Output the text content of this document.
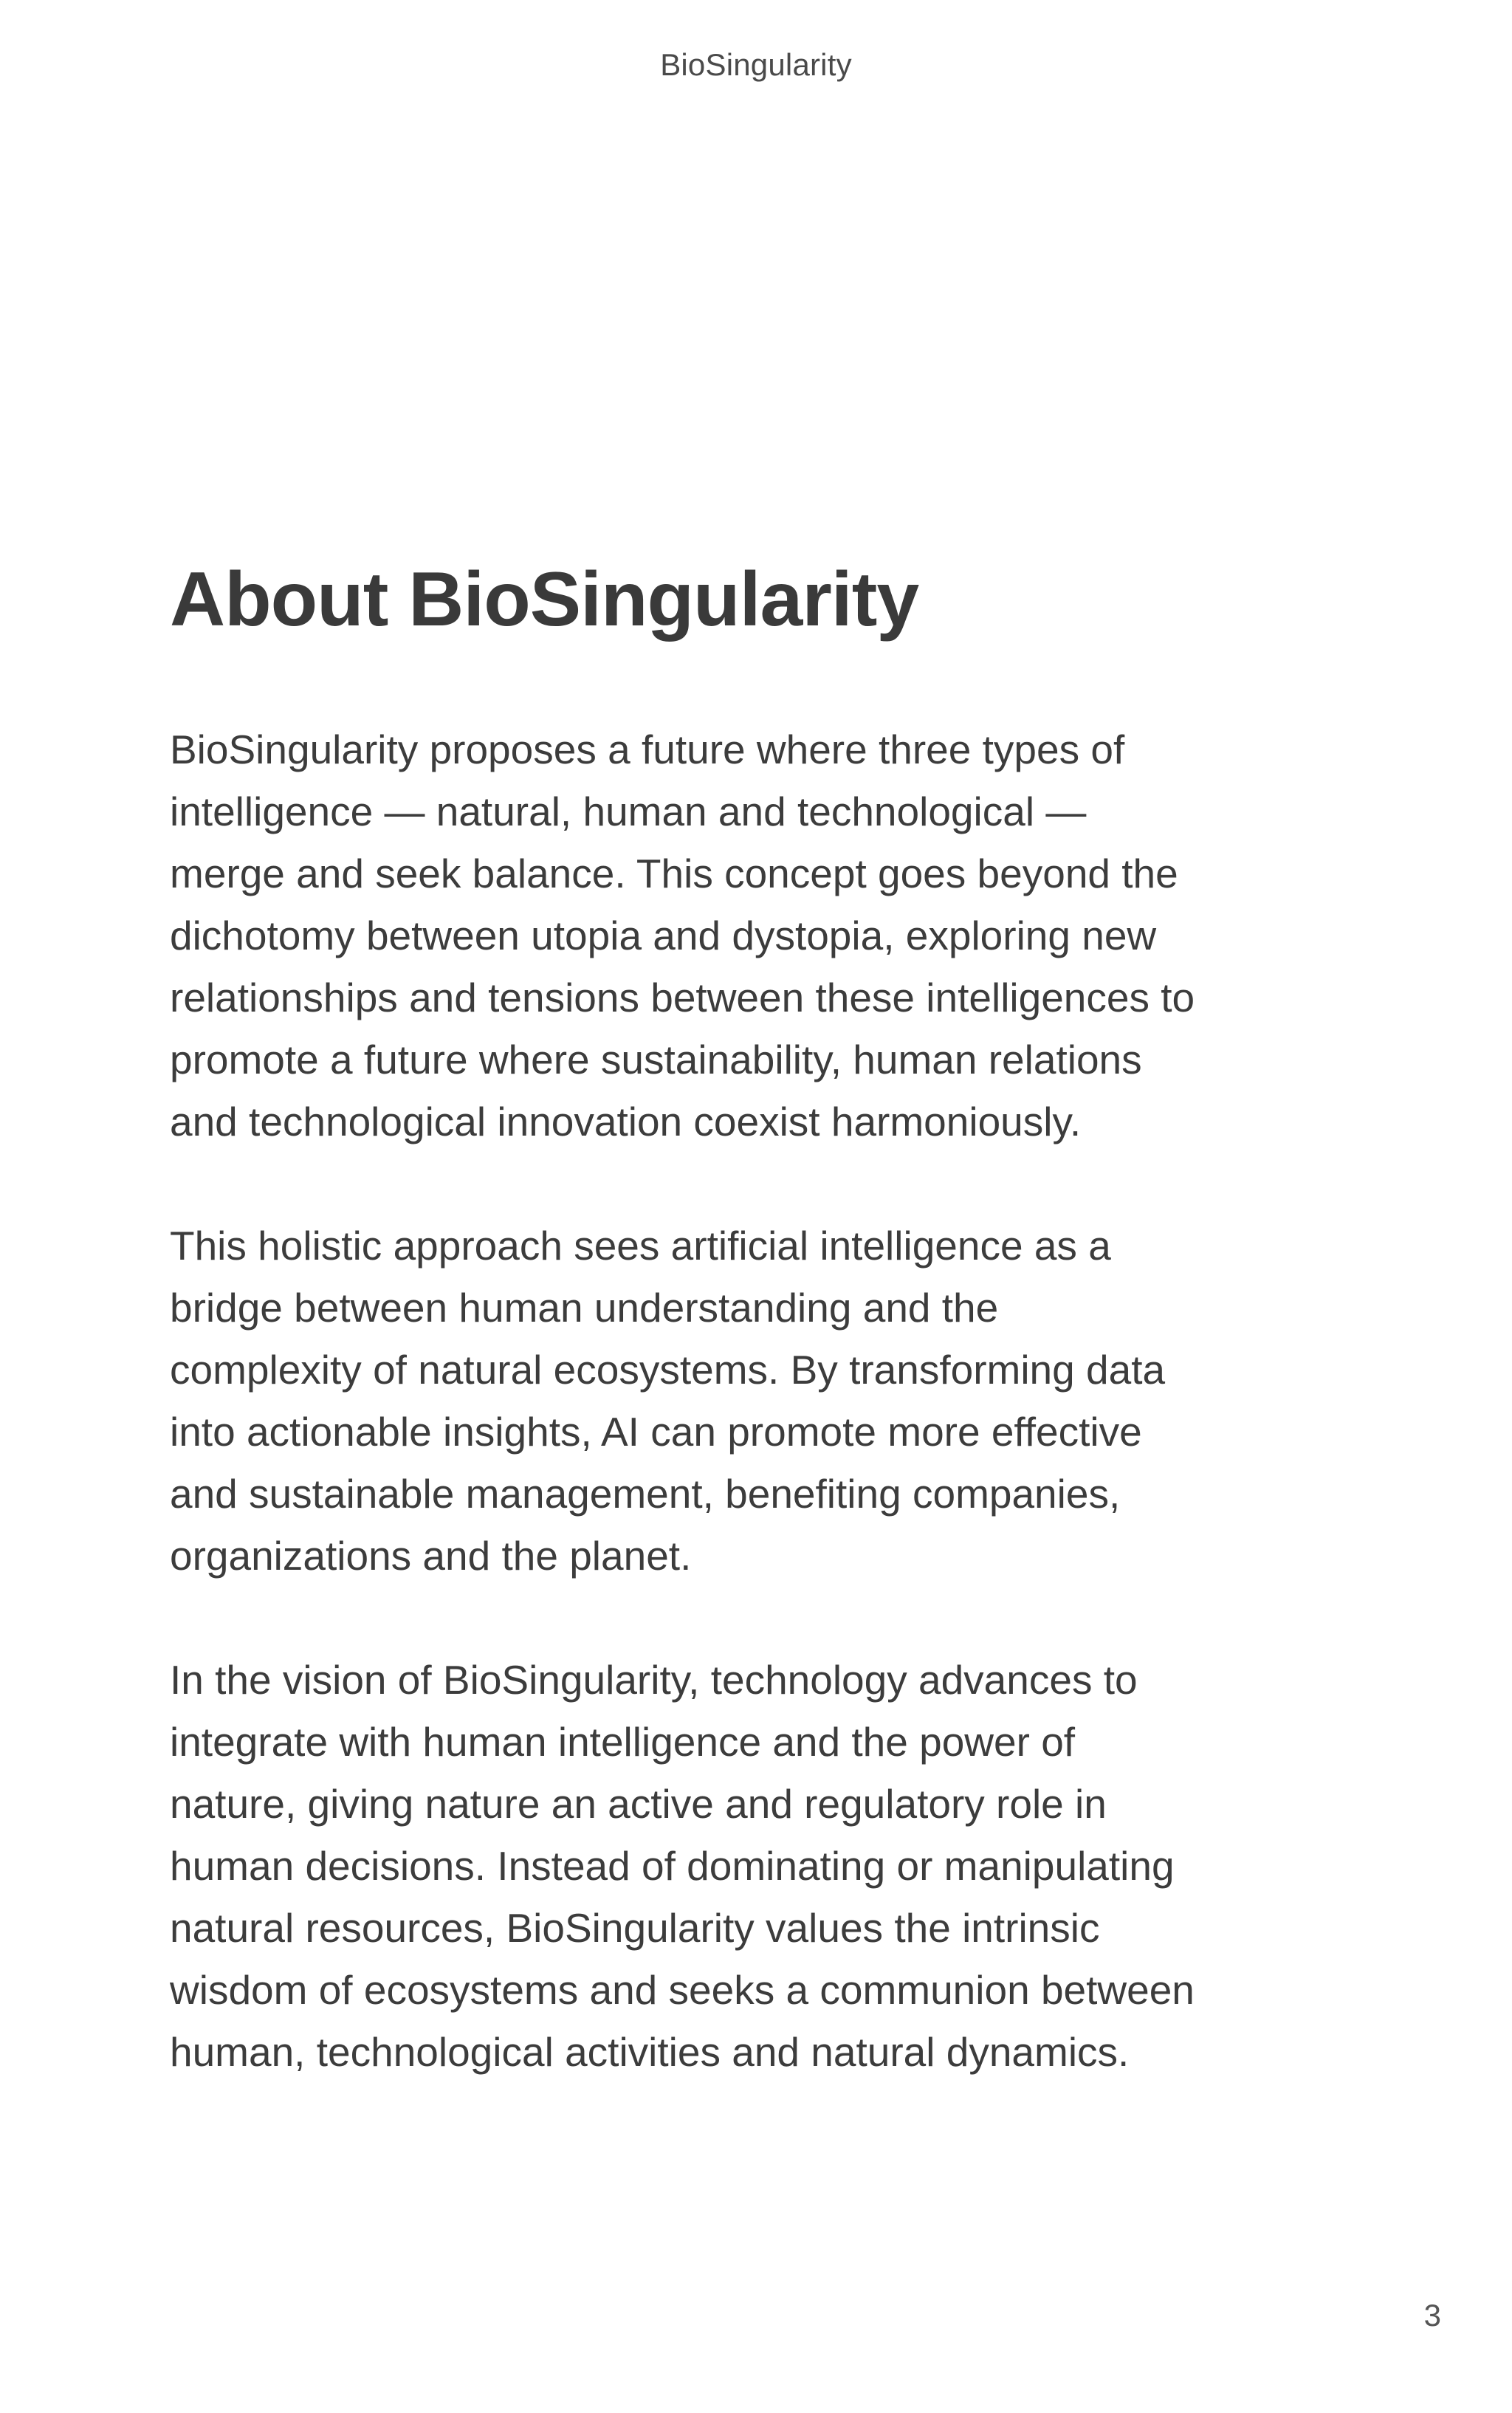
BioSingularity
About BioSingularity

BioSingularity proposes a future where three types of intelligence — natural, human and technological — merge and seek balance. This concept goes beyond the dichotomy between utopia and dystopia, exploring new relationships and tensions between these intelligences to promote a future where sustainability, human relations and technological innovation coexist harmoniously.

This holistic approach sees artificial intelligence as a bridge between human understanding and the complexity of natural ecosystems. By transforming data into actionable insights, AI can promote more effective and sustainable management, benefiting companies, organizations and the planet.

In the vision of BioSingularity, technology advances to integrate with human intelligence and the power of nature, giving nature an active and regulatory role in human decisions. Instead of dominating or manipulating natural resources, BioSingularity values the intrinsic wisdom of ecosystems and seeks a communion between human, technological activities and natural dynamics.

3
